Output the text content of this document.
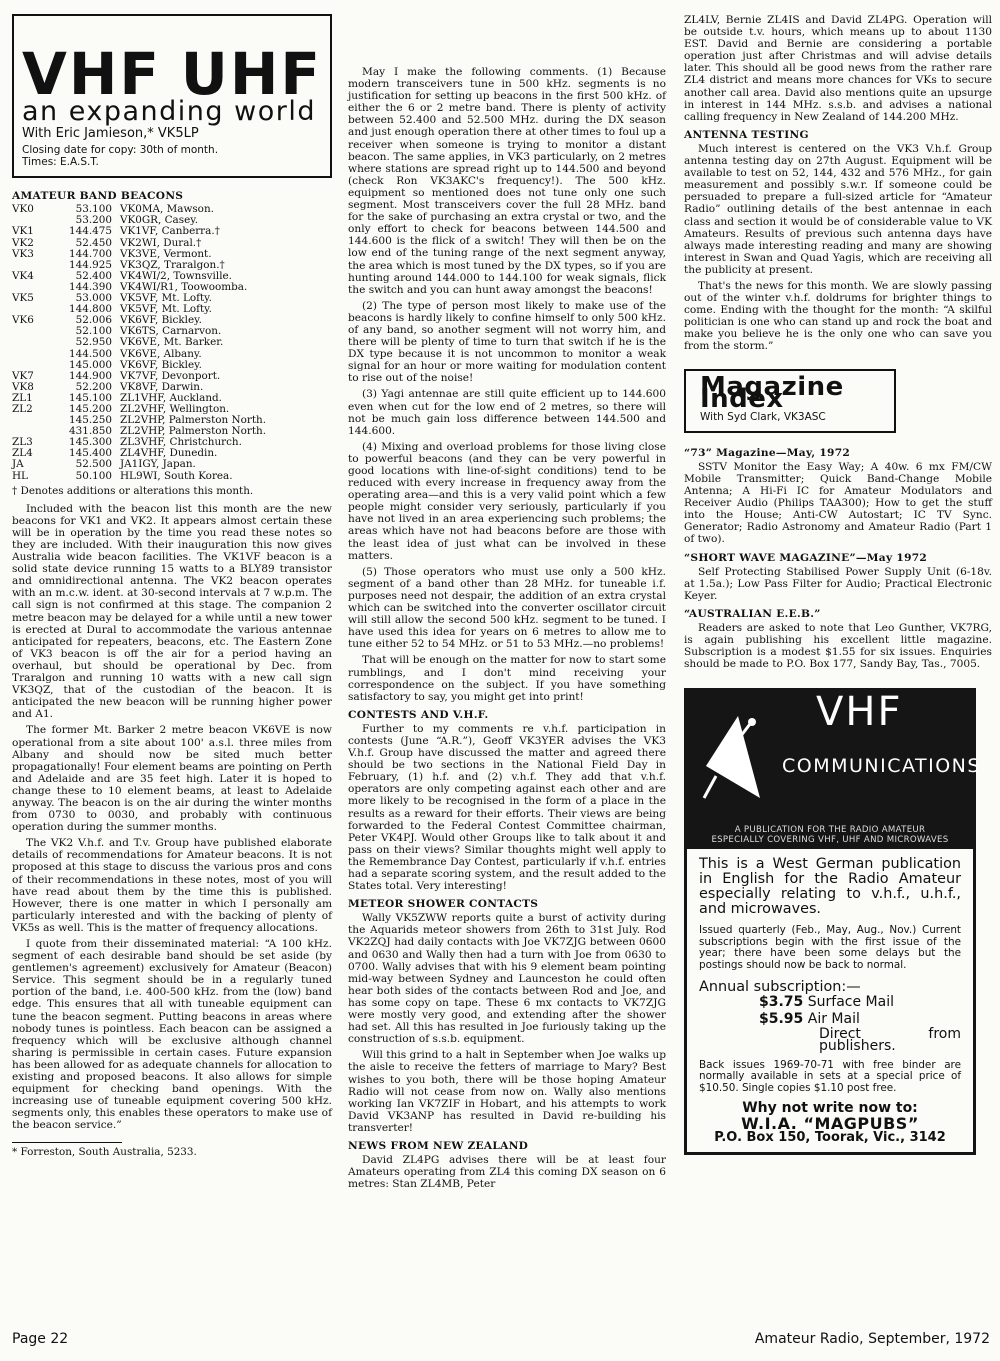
VHF UHF
an expanding world
With Eric Jamieson,* VK5LP
Closing date for copy: 30th of month.
Times: E.A.S.T.
AMATEUR BAND BEACONS
VK0	53.100	VK0MA, Mawson.
	53.200	VK0GR, Casey.
VK1	144.475	VK1VF, Canberra.†
VK2	52.450	VK2WI, Dural.†
VK3	144.700	VK3VE, Vermont.
	144.925	VK3QZ, Traralgon.†
VK4	52.400	VK4WI/2, Townsville.
	144.390	VK4WI/R1, Toowoomba.
VK5	53.000	VK5VF, Mt. Lofty.
	144.800	VK5VF, Mt. Lofty.
VK6	52.006	VK6VF, Bickley.
	52.100	VK6TS, Carnarvon.
	52.950	VK6VE, Mt. Barker.
	144.500	VK6VE, Albany.
	145.000	VK6VF, Bickley.
VK7	144.900	VK7VF, Devonport.
VK8	52.200	VK8VF, Darwin.
ZL1	145.100	ZL1VHF, Auckland.
ZL2	145.200	ZL2VHF, Wellington.
	145.250	ZL2VHP, Palmerston North.
	431.850	ZL2VHP, Palmerston North.
ZL3	145.300	ZL3VHF, Christchurch.
ZL4	145.400	ZL4VHF, Dunedin.
JA	52.500	JA1IGY, Japan.
HL	50.100	HL9WI, South Korea.
† Denotes additions or alterations this month.

Included with the beacon list this month are the new beacons for VK1 and VK2. It appears almost certain these will be in operation by the time you read these notes so they are included. With their inauguration this now gives Australia wide beacon facilities. The VK1VF beacon is a solid state device running 15 watts to a BLY89 transistor and omnidirectional antenna. The VK2 beacon operates with an m.c.w. ident. at 30-second intervals at 7 w.p.m. The call sign is not confirmed at this stage. The companion 2 metre beacon may be delayed for a while until a new tower is erected at Dural to accommodate the various antennae anticipated for repeaters, beacons, etc. The Eastern Zone of VK3 beacon is off the air for a period having an overhaul, but should be operational by Dec. from Traralgon and running 10 watts with a new call sign VK3QZ, that of the custodian of the beacon. It is anticipated the new beacon will be running higher power and A1.

The former Mt. Barker 2 metre beacon VK6VE is now operational from a site about 100' a.s.l. three miles from Albany and should now be sited much better propagationally! Four element beams are pointing on Perth and Adelaide and are 35 feet high. Later it is hoped to change these to 10 element beams, at least to Adelaide anyway. The beacon is on the air during the winter months from 0730 to 0030, and probably with continuous operation during the summer months.

The VK2 V.h.f. and T.v. Group have published elaborate details of recommendations for Amateur beacons. It is not proposed at this stage to discuss the various pros and cons of their recommendations in these notes, most of you will have read about them by the time this is published. However, there is one matter in which I personally am particularly interested and with the backing of plenty of VK5s as well. This is the matter of frequency allocations.

I quote from their disseminated material: “A 100 kHz. segment of each desirable band should be set aside (by gentlemen's agreement) exclusively for Amateur (Beacon) Service. This segment should be in a regularly tuned portion of the band, i.e. 400-500 kHz. from the (low) band edge. This ensures that all with tuneable equipment can tune the beacon segment. Putting beacons in areas where nobody tunes is pointless. Each beacon can be assigned a frequency which will be exclusive although channel sharing is permissible in certain cases. Future expansion has been allowed for as adequate channels for allocation to existing and proposed beacons. It also allows for simple equipment for checking band openings. With the increasing use of tuneable equipment covering 500 kHz. segments only, this enables these operators to make use of the beacon service.”

* Forreston, South Australia, 5233.

May I make the following comments. (1) Because modern transceivers tune in 500 kHz. segments is no justification for setting up beacons in the first 500 kHz. of either the 6 or 2 metre band. There is plenty of activity between 52.400 and 52.500 MHz. during the DX season and just enough operation there at other times to foul up a receiver when someone is trying to monitor a distant beacon. The same applies, in VK3 particularly, on 2 metres where stations are spread right up to 144.500 and beyond (check Ron VK3AKC's frequency!). The 500 kHz. equipment so mentioned does not tune only one such segment. Most transceivers cover the full 28 MHz. band for the sake of purchasing an extra crystal or two, and the only effort to check for beacons between 144.500 and 144.600 is the flick of a switch! They will then be on the low end of the tuning range of the next segment anyway, the area which is most tuned by the DX types, so if you are hunting around 144.000 to 144.100 for weak signals, flick the switch and you can hunt away amongst the beacons!

(2) The type of person most likely to make use of the beacons is hardly likely to confine himself to only 500 kHz. of any band, so another segment will not worry him, and there will be plenty of time to turn that switch if he is the DX type because it is not uncommon to monitor a weak signal for an hour or more waiting for modulation content to rise out of the noise!

(3) Yagi antennae are still quite efficient up to 144.600 even when cut for the low end of 2 metres, so there will not be much gain loss difference between 144.500 and 144.600.

(4) Mixing and overload problems for those living close to powerful beacons (and they can be very powerful in good locations with line-of-sight conditions) tend to be reduced with every increase in frequency away from the operating area—and this is a very valid point which a few people might consider very seriously, particularly if you have not lived in an area experiencing such problems; the areas which have not had beacons before are those with the least idea of just what can be involved in these matters.

(5) Those operators who must use only a 500 kHz. segment of a band other than 28 MHz. for tuneable i.f. purposes need not despair, the addition of an extra crystal which can be switched into the converter oscillator circuit will still allow the second 500 kHz. segment to be tuned. I have used this idea for years on 6 metres to allow me to tune either 52 to 54 MHz. or 51 to 53 MHz.—no problems!

That will be enough on the matter for now to start some rumblings, and I don't mind receiving your correspondence on the subject. If you have something satisfactory to say, you might get into print!

CONTESTS AND V.H.F.

Further to my comments re v.h.f. participation in contests (June “A.R.”), Geoff VK3YER advises the VK3 V.h.f. Group have discussed the matter and agreed there should be two sections in the National Field Day in February, (1) h.f. and (2) v.h.f. They add that v.h.f. operators are only competing against each other and are more likely to be recognised in the form of a place in the results as a reward for their efforts. Their views are being forwarded to the Federal Contest Committee chairman, Peter VK4PJ. Would other Groups like to talk about it and pass on their views? Similar thoughts might well apply to the Remembrance Day Contest, particularly if v.h.f. entries had a separate scoring system, and the result added to the States total. Very interesting!

METEOR SHOWER CONTACTS

Wally VK5ZWW reports quite a burst of activity during the Aquarids meteor showers from 26th to 31st July. Rod VK2ZQJ had daily contacts with Joe VK7ZJG between 0600 and 0630 and Wally then had a turn with Joe from 0630 to 0700. Wally advises that with his 9 element beam pointing mid-way between Sydney and Launceston he could often hear both sides of the contacts between Rod and Joe, and has some copy on tape. These 6 mx contacts to VK7ZJG were mostly very good, and extending after the shower had set. All this has resulted in Joe furiously taking up the construction of s.s.b. equipment.

Will this grind to a halt in September when Joe walks up the aisle to receive the fetters of marriage to Mary? Best wishes to you both, there will be those hoping Amateur Radio will not cease from now on. Wally also mentions working Ian VK7ZIF in Hobart, and his attempts to work David VK3ANP has resulted in David re-building his transverter!

NEWS FROM NEW ZEALAND

David ZL4PG advises there will be at least four Amateurs operating from ZL4 this coming DX season on 6 metres: Stan ZL4MB, Peter

ZL4LV, Bernie ZL4IS and David ZL4PG. Operation will be outside t.v. hours, which means up to about 1130 EST. David and Bernie are considering a portable operation just after Christmas and will advise details later. This should all be good news from the rather rare ZL4 district and means more chances for VKs to secure another call area. David also mentions quite an upsurge in interest in 144 MHz. s.s.b. and advises a national calling frequency in New Zealand of 144.200 MHz.

ANTENNA TESTING

Much interest is centered on the VK3 V.h.f. Group antenna testing day on 27th August. Equipment will be available to test on 52, 144, 432 and 576 MHz., for gain measurement and possibly s.w.r. If someone could be persuaded to prepare a full-sized article for “Amateur Radio” outlining details of the best antennae in each class and section it would be of considerable value to VK Amateurs. Results of previous such antenna days have always made interesting reading and many are showing interest in Swan and Quad Yagis, which are receiving all the publicity at present.

That's the news for this month. We are slowly passing out of the winter v.h.f. doldrums for brighter things to come. Ending with the thought for the month: “A skilful politician is one who can stand up and rock the boat and make you believe he is the only one who can save you from the storm.”

Magazine Index
With Syd Clark, VK3ASC
“73” Magazine—May, 1972

SSTV Monitor the Easy Way; A 40w. 6 mx FM/CW Mobile Transmitter; Quick Band-Change Mobile Antenna; A Hi-Fi IC for Amateur Modulators and Receiver Audio (Philips TAA300); How to get the stuff into the House; Anti-CW Autostart; IC TV Sync. Generator; Radio Astronomy and Amateur Radio (Part 1 of two).

“SHORT WAVE MAGAZINE”—May 1972

Self Protecting Stabilised Power Supply Unit (6-18v. at 1.5a.); Low Pass Filter for Audio; Practical Electronic Keyer.

“AUSTRALIAN E.E.B.”

Readers are asked to note that Leo Gunther, VK7RG, is again publishing his excellent little magazine. Subscription is a modest $1.55 for six issues. Enquiries should be made to P.O. Box 177, Sandy Bay, Tas., 7005.

VHF
COMMUNICATIONS
A PUBLICATION FOR THE RADIO AMATEUR
ESPECIALLY COVERING VHF, UHF AND MICROWAVES
This is a West German publication in English for the Radio Amateur especially relating to v.h.f., u.h.f., and microwaves.
Issued quarterly (Feb., May, Aug., Nov.) Current subscriptions begin with the first issue of the year; there have been some delays but the postings should now be back to normal.
Annual subscription:—
$3.75 Surface Mail
$5.95 Air Mail
Direct from publishers.
Back issues 1969-70-71 with free binder are normally available in sets at a special price of $10.50. Single copies $1.10 post free.
Why not write now to:
W.I.A. “MAGPUBS”
P.O. Box 150, Toorak, Vic., 3142
Page 22	Amateur Radio, September, 1972
